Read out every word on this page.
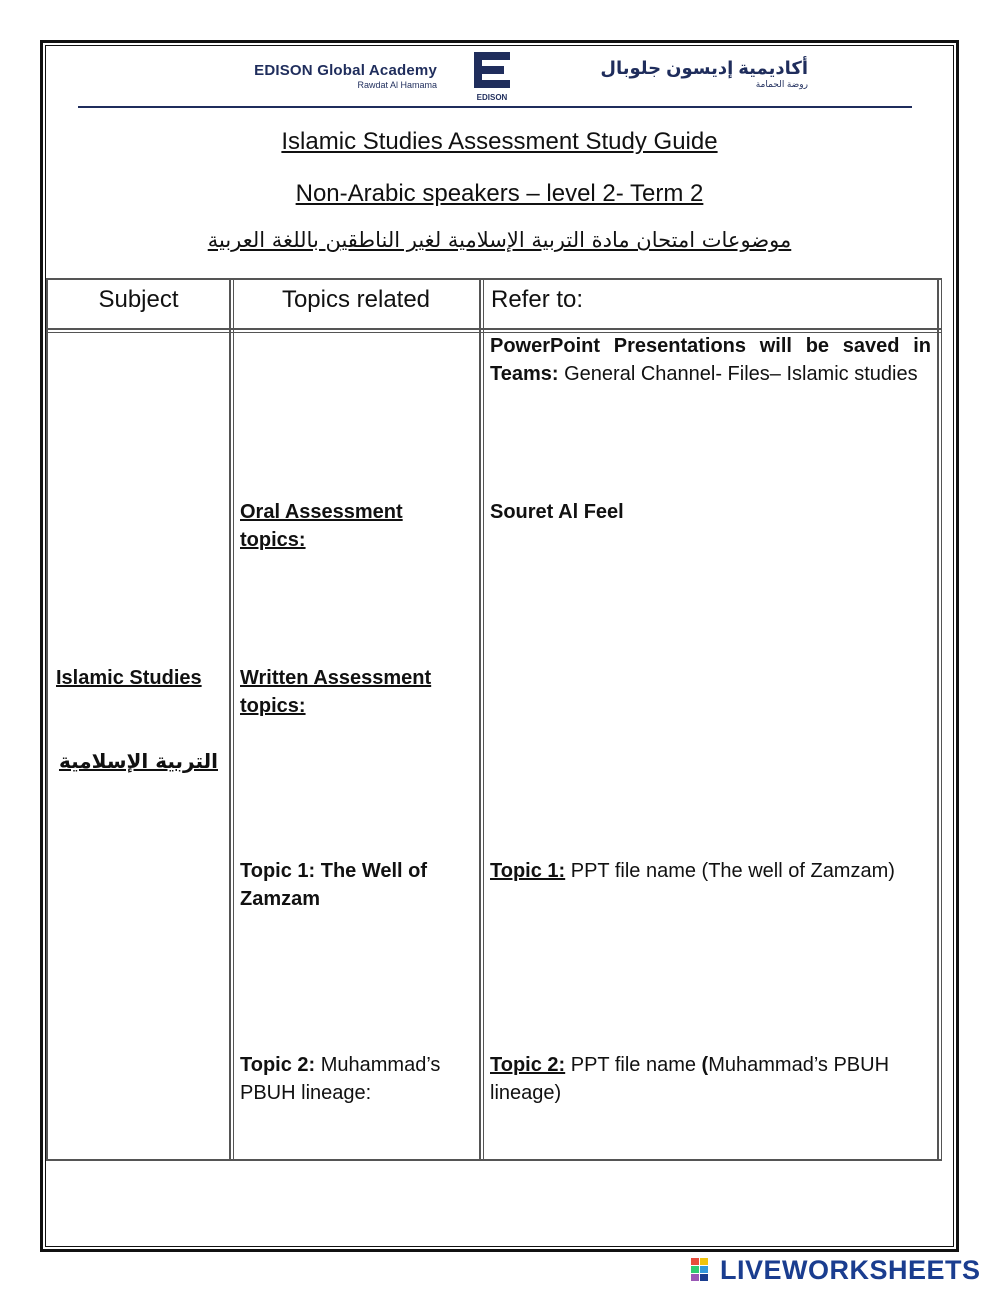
EDISON Global Academy
Rawdat Al Hamama
EDISON
أكاديمية إديسون جلوبال
روضة الحمامة
Islamic Studies Assessment Study Guide
Non-Arabic speakers – level 2- Term 2
موضوعات امتحان مادة التربية الإسلامية لغير الناطقين باللغة العربية
Subject	Topics related	Refer to:
Islamic Studies
التربية الإسلامية
Oral Assessment topics:
Written Assessment topics:
Topic 1: The Well of Zamzam
Topic 2: Muhammad’s PBUH lineage:
PowerPoint Presentations will be saved in Teams: General Channel- Files– Islamic studies
Souret Al Feel
Topic 1: PPT file name (The well of Zamzam)
Topic 2: PPT file name (Muhammad’s PBUH lineage)
LIVEWORKSHEETS
